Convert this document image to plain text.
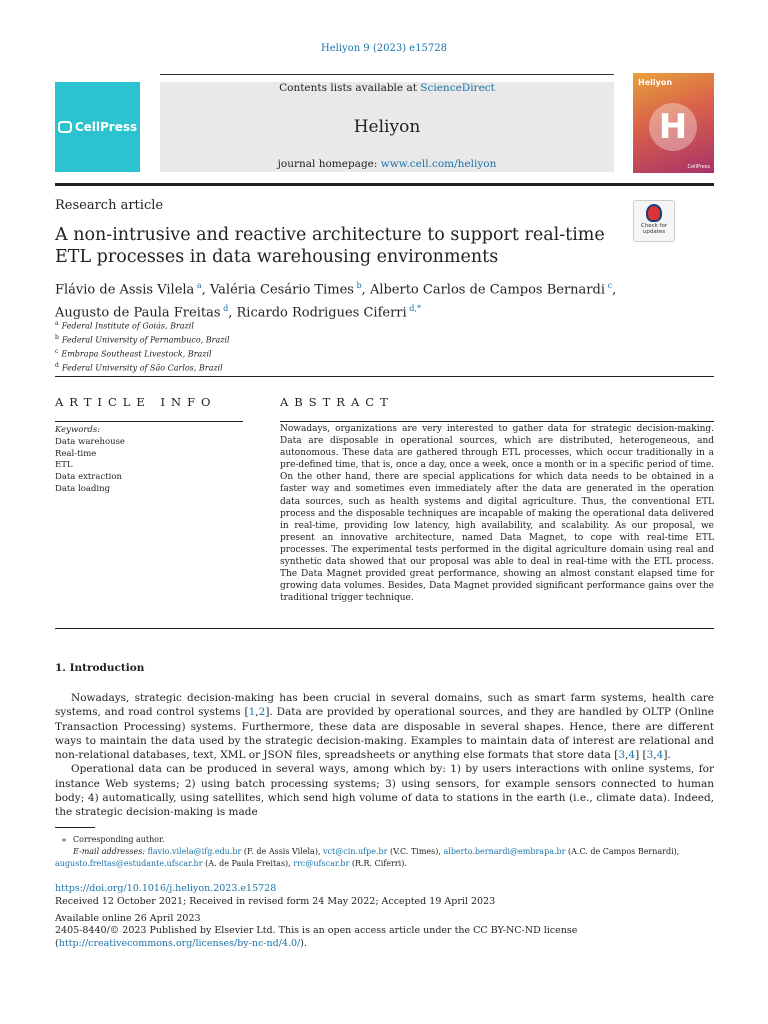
Heliyon 9 (2023) e15728
CellPress
Contents lists available at ScienceDirect
Heliyon
journal homepage: www.cell.com/heliyon
Heliyon
H
CellPress
Research article
Check for
updates
A non-intrusive and reactive architecture to support real-time ETL processes in data warehousing environments
Flávio de Assis Vilela  $^a$, Valéria Cesário Times  $^b$, Alberto Carlos de Campos Bernardi  $^c$,
Augusto de Paula Freitas  $^d$, Ricardo Rodrigues Ciferri  $^{d,*}$
$^a$ Federal Institute of Goiás, Brazil
$^b$ Federal University of Pernambuco, Brazil
$^c$ Embrapa Southeast Livestock, Brazil
$^d$ Federal University of São Carlos, Brazil
ARTICLE INFO	ABSTRACT
Keywords:
Data warehouse
Real-time
ETL
Data extraction
Data loading
Nowadays, organizations are very interested to gather data for strategic decision-making. Data are disposable in operational sources, which are distributed, heterogeneous, and autonomous. These data are gathered through ETL processes, which occur traditionally in a pre-defined time, that is, once a day, once a week, once a month or in a specific period of time. On the other hand, there are special applications for which data needs to be obtained in a faster way and sometimes even immediately after the data are generated in the operation data sources, such as health systems and digital agriculture. Thus, the conventional ETL process and the disposable techniques are incapable of making the operational data delivered in real-time, providing low latency, high availability, and scalability. As our proposal, we present an innovative architecture, named Data Magnet, to cope with real-time ETL processes. The experimental tests performed in the digital agriculture domain using real and synthetic data showed that our proposal was able to deal in real-time with the ETL process. The Data Magnet provided great performance, showing an almost constant elapsed time for growing data volumes. Besides, Data Magnet provided significant performance gains over the traditional trigger technique.
1. Introduction

Nowadays, strategic decision-making has been crucial in several domains, such as smart farm systems, health care systems, and road control systems [1,2]. Data are provided by operational sources, and they are handled by OLTP (Online Transaction Processing) systems. Furthermore, these data are disposable in several shapes. Hence, there are different ways to maintain the data used by the strategic decision-making. Examples to maintain data of interest are relational and non-relational databases, text, XML or JSON files, spreadsheets or anything else formats that store data [3,4] [3,4].

Operational data can be produced in several ways, among which by: 1) by users interactions with online systems, for instance Web systems; 2) using batch processing systems; 3) using sensors, for example sensors connected to human body; 4) automatically, using satellites, which send high volume of data to stations in the earth (i.e., climate data). Indeed, the strategic decision-making is made

⁎ Corresponding author.
E-mail addresses: flavio.vilela@ifg.edu.br (F. de Assis Vilela), vct@cin.ufpe.br (V.C. Times), alberto.bernardi@embrapa.br (A.C. de Campos Bernardi),
augusto.freitas@estudante.ufscar.br (A. de Paula Freitas), rrc@ufscar.br (R.R. Ciferri).
https://doi.org/10.1016/j.heliyon.2023.e15728
Received 12 October 2021; Received in revised form 24 May 2022; Accepted 19 April 2023
Available online 26 April 2023
2405-8440/© 2023 Published by Elsevier Ltd. This is an open access article under the CC BY-NC-ND license
(http://creativecommons.org/licenses/by-nc-nd/4.0/).
